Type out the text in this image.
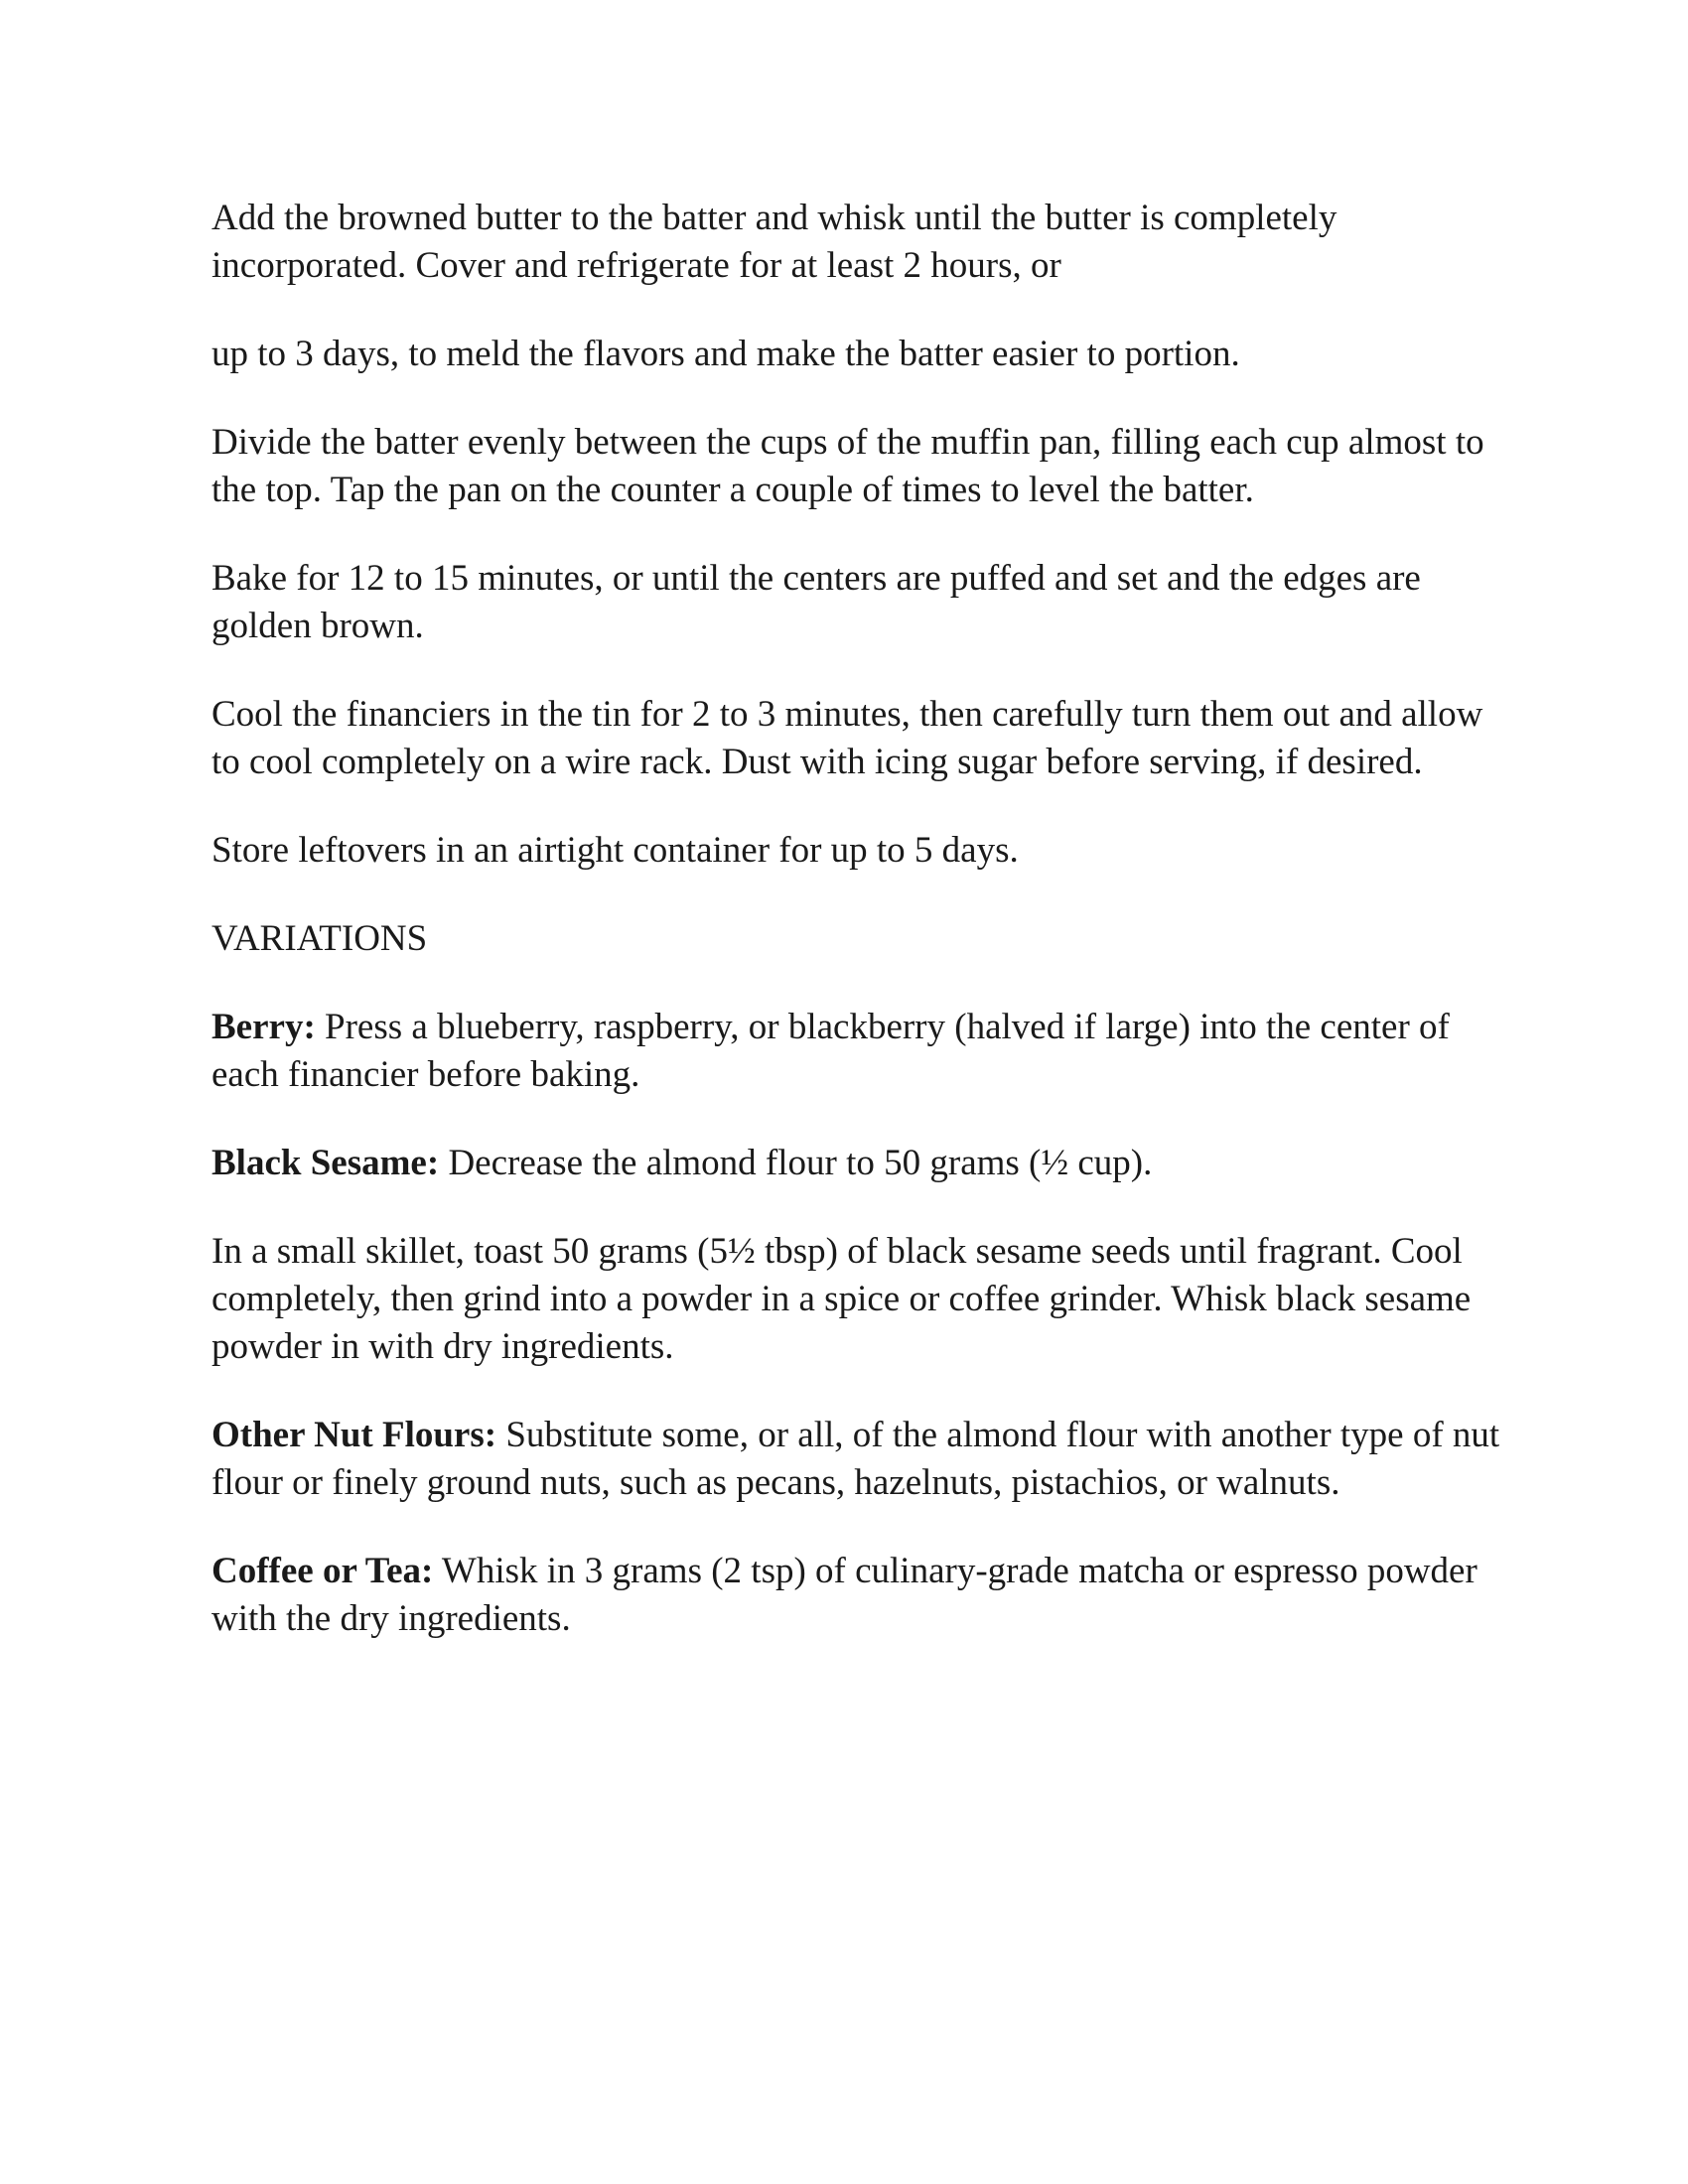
Add the browned butter to the batter and whisk until the butter is completely incorporated. Cover and refrigerate for at least 2 hours, or

up to 3 days, to meld the flavors and make the batter easier to portion.

Divide the batter evenly between the cups of the muffin pan, filling each cup almost to the top. Tap the pan on the counter a couple of times to level the batter.

Bake for 12 to 15 minutes, or until the centers are puffed and set and the edges are golden brown.

Cool the financiers in the tin for 2 to 3 minutes, then carefully turn them out and allow to cool completely on a wire rack. Dust with icing sugar before serving, if desired.

Store leftovers in an airtight container for up to 5 days.

VARIATIONS

Berry: Press a blueberry, raspberry, or blackberry (halved if large) into the center of each financier before baking.

Black Sesame: Decrease the almond flour to 50 grams (½ cup).

In a small skillet, toast 50 grams (5½ tbsp) of black sesame seeds until fragrant. Cool completely, then grind into a powder in a spice or coffee grinder. Whisk black sesame powder in with dry ingredients.

Other Nut Flours: Substitute some, or all, of the almond flour with another type of nut flour or finely ground nuts, such as pecans, hazelnuts, pistachios, or walnuts.

Coffee or Tea: Whisk in 3 grams (2 tsp) of culinary-grade matcha or espresso powder with the dry ingredients.
